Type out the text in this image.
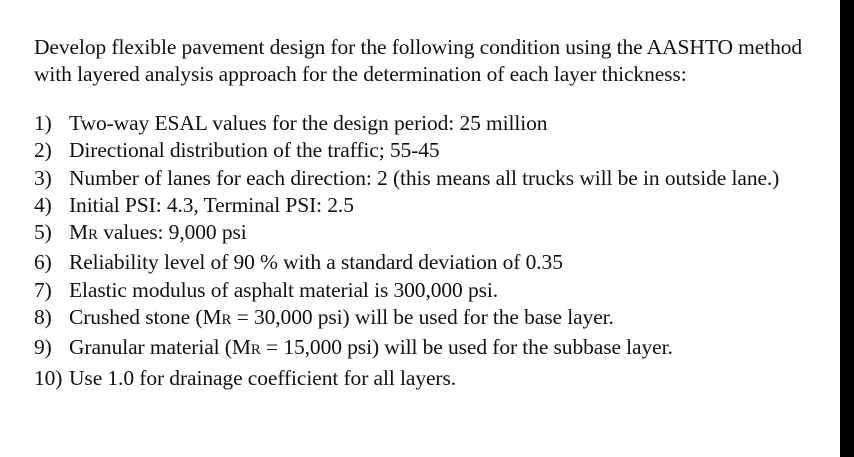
Develop flexible pavement design for the following condition using the AASHTO method with layered analysis approach for the determination of each layer thickness:

1) Two-way ESAL values for the design period: 25 million
2) Directional distribution of the traffic; 55-45
3) Number of lanes for each direction: 2 (this means all trucks will be in outside lane.)
4) Initial PSI: 4.3, Terminal PSI: 2.5
5) MR values: 9,000 psi
6) Reliability level of 90 % with a standard deviation of 0.35
7) Elastic modulus of asphalt material is 300,000 psi.
8) Crushed stone (MR = 30,000 psi) will be used for the base layer.
9) Granular material (MR = 15,000 psi) will be used for the subbase layer.
10) Use 1.0 for drainage coefficient for all layers.
